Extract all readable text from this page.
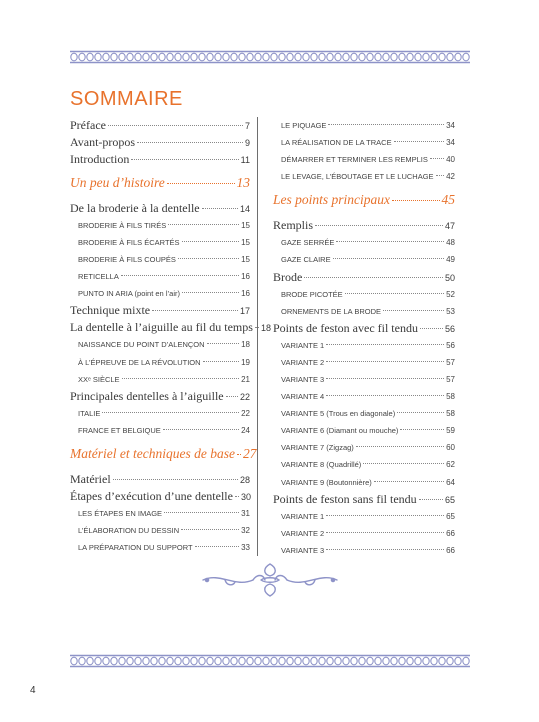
SOMMAIRE
Préface	7
Avant-propos	9
Introduction	11
Un peu d’histoire	13
De la broderie à la dentelle	14
BRODERIE À FILS TIRÉS	15
BRODERIE À FILS ÉCARTÉS	15
BRODERIE À FILS COUPÉS	15
RETICELLA	16
PUNTO IN ARIA (point en l’air)	16
Technique mixte	17
La dentelle à l’aiguille au fil du temps 18
NAISSANCE DU POINT D’ALENÇON	18
À L’ÉPREUVE DE LA RÉVOLUTION	19
XXᵉ SIÈCLE	21
Principales dentelles à l’aiguille 22
ITALIE	22
FRANCE ET BELGIQUE	24
Matériel et techniques de base 27
Matériel	28
Étapes d’exécution d’une dentelle 30
LES ÉTAPES EN IMAGE	31
L’ÉLABORATION DU DESSIN	32
LA PRÉPARATION DU SUPPORT	33
LE PIQUAGE	34
LA RÉALISATION DE LA TRACE	34
DÉMARRER ET TERMINER LES REMPLIS 40
LE LEVAGE, L’ÉBOUTAGE ET LE LUCHAGE 42
Les points principaux	45
Remplis	47
GAZE SERRÉE	48
GAZE CLAIRE	49
Brode	50
BRODE PICOTÉE	52
ORNEMENTS DE LA BRODE	53
Points de feston avec fil tendu	56
VARIANTE 1	56
VARIANTE 2	57
VARIANTE 3	57
VARIANTE 4	58
VARIANTE 5 (Trous en diagonale)	58
VARIANTE 6 (Diamant ou mouche)	59
VARIANTE 7 (Zigzag)	60
VARIANTE 8 (Quadrillé)	62
VARIANTE 9 (Boutonnière)	64
Points de feston sans fil tendu	65
VARIANTE 1	65
VARIANTE 2	66
VARIANTE 3	66
4
